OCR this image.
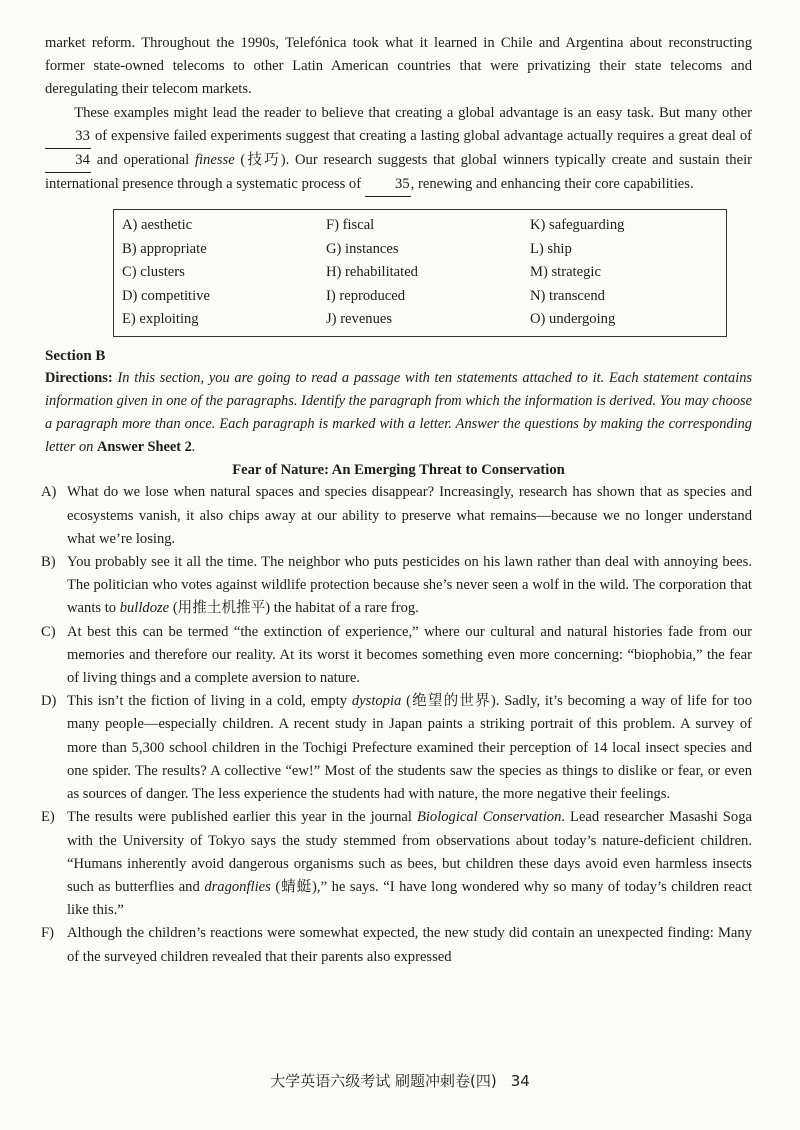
market reform. Throughout the 1990s, Telefónica took what it learned in Chile and Argentina about reconstructing former state-owned telecoms to other Latin American countries that were privatizing their state telecoms and deregulating their telecom markets.

These examples might lead the reader to believe that creating a global advantage is an easy task. But many other 33 of expensive failed experiments suggest that creating a lasting global advantage actually requires a great deal of 34 and operational finesse (技巧). Our research suggests that global winners typically create and sustain their international presence through a systematic process of 35, renewing and enhancing their core capabilities.

A) aesthetic
B) appropriate
C) clusters
D) competitive
E) exploiting
F) fiscal
G) instances
H) rehabilitated
I) reproduced
J) revenues
K) safeguarding
L) ship
M) strategic
N) transcend
O) undergoing
Section B

Directions: In this section, you are going to read a passage with ten statements attached to it. Each statement contains information given in one of the paragraphs. Identify the paragraph from which the information is derived. You may choose a paragraph more than once. Each paragraph is marked with a letter. Answer the questions by making the corresponding letter on Answer Sheet 2.

Fear of Nature: An Emerging Threat to Conservation
A) What do we lose when natural spaces and species disappear? Increasingly, research has shown that as species and ecosystems vanish, it also chips away at our ability to preserve what remains—because we no longer understand what we’re losing.

B) You probably see it all the time. The neighbor who puts pesticides on his lawn rather than deal with annoying bees. The politician who votes against wildlife protection because she’s never seen a wolf in the wild. The corporation that wants to bulldoze (用推土机推平) the habitat of a rare frog.

C) At best this can be termed “the extinction of experience,” where our cultural and natural histories fade from our memories and therefore our reality. At its worst it becomes something even more concerning: “biophobia,” the fear of living things and a complete aversion to nature.

D) This isn’t the fiction of living in a cold, empty dystopia (绝望的世界). Sadly, it’s becoming a way of life for too many people—especially children. A recent study in Japan paints a striking portrait of this problem. A survey of more than 5,300 school children in the Tochigi Prefecture examined their perception of 14 local insect species and one spider. The results? A collective “ew!” Most of the students saw the species as things to dislike or fear, or even as sources of danger. The less experience the students had with nature, the more negative their feelings.

E) The results were published earlier this year in the journal Biological Conservation. Lead researcher Masashi Soga with the University of Tokyo says the study stemmed from observations about today’s nature-deficient children. “Humans inherently avoid dangerous organisms such as bees, but children these days avoid even harmless insects such as butterflies and dragonflies (蜻蜓),” he says. “I have long wondered why so many of today’s children react like this.”

F) Although the children’s reactions were somewhat expected, the new study did contain an unexpected finding: Many of the surveyed children revealed that their parents also expressed

大学英语六级考试 刷题冲刺卷(四) 34
